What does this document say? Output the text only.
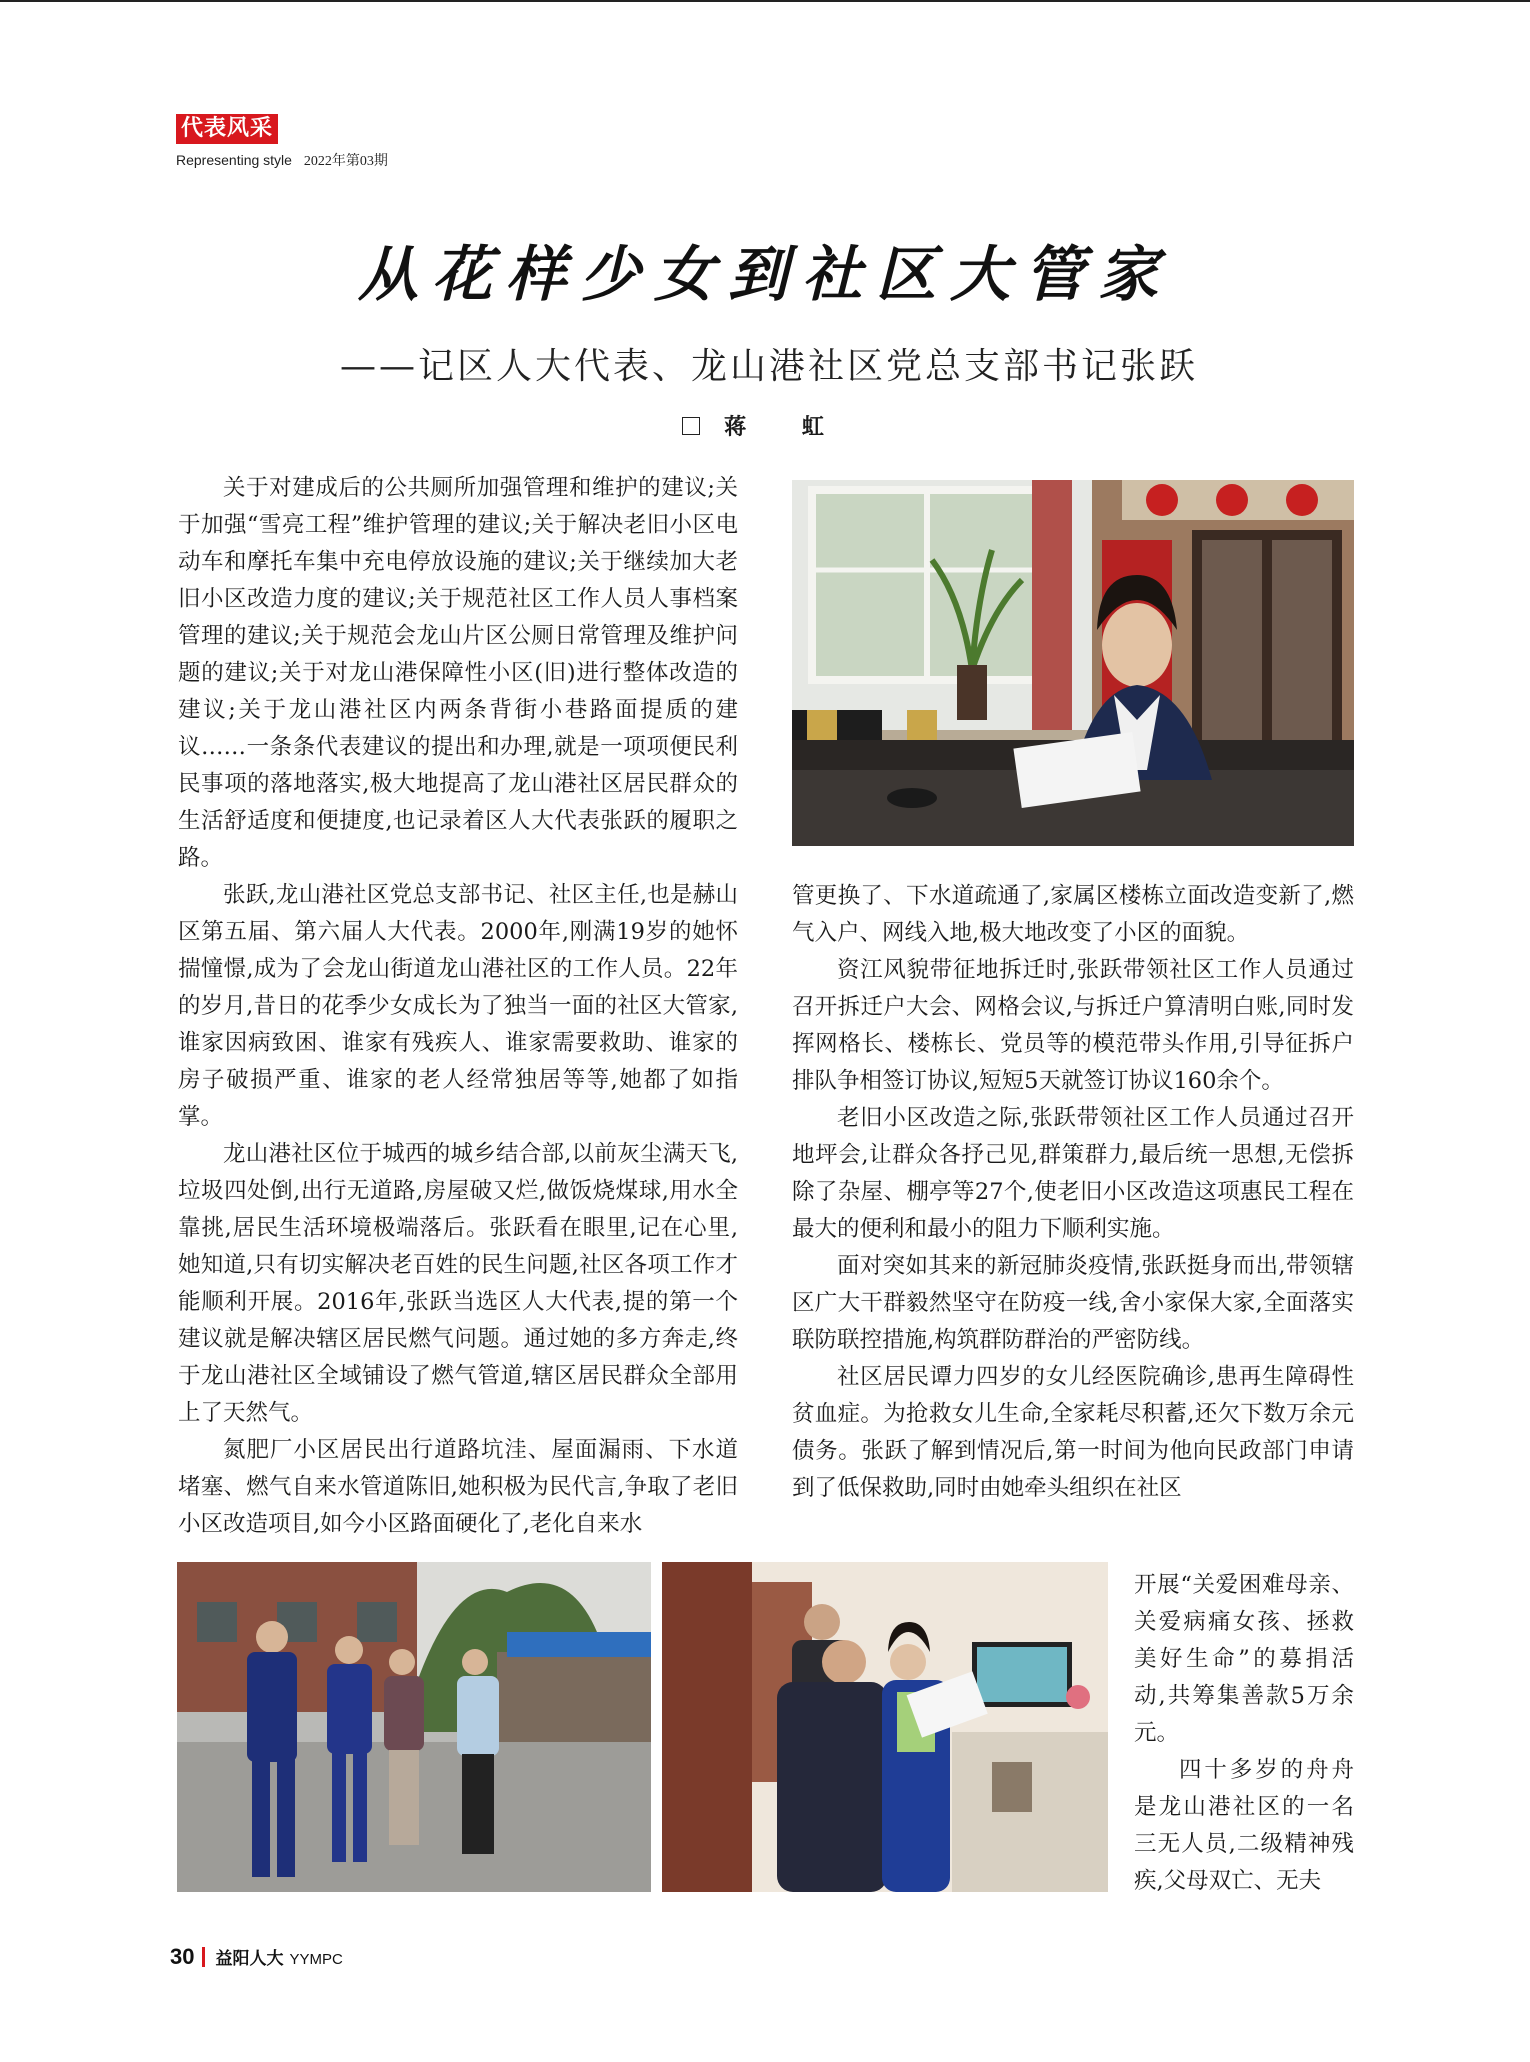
代表风采
Representing style 2022年第03期
从花样少女到社区大管家
——记区人大代表、龙山港社区党总支部书记张跃
蒋 虹

关于对建成后的公共厕所加强管理和维护的建议;关于加强“雪亮工程”维护管理的建议;关于解决老旧小区电动车和摩托车集中充电停放设施的建议;关于继续加大老旧小区改造力度的建议;关于规范社区工作人员人事档案管理的建议;关于规范会龙山片区公厕日常管理及维护问题的建议;关于对龙山港保障性小区(旧)进行整体改造的建议;关于龙山港社区内两条背街小巷路面提质的建议……一条条代表建议的提出和办理,就是一项项便民利民事项的落地落实,极大地提高了龙山港社区居民群众的生活舒适度和便捷度,也记录着区人大代表张跃的履职之路。

张跃,龙山港社区党总支部书记、社区主任,也是赫山区第五届、第六届人大代表。2000年,刚满19岁的她怀揣憧憬,成为了会龙山街道龙山港社区的工作人员。22年的岁月,昔日的花季少女成长为了独当一面的社区大管家,谁家因病致困、谁家有残疾人、谁家需要救助、谁家的房子破损严重、谁家的老人经常独居等等,她都了如指掌。

龙山港社区位于城西的城乡结合部,以前灰尘满天飞,垃圾四处倒,出行无道路,房屋破又烂,做饭烧煤球,用水全靠挑,居民生活环境极端落后。张跃看在眼里,记在心里,她知道,只有切实解决老百姓的民生问题,社区各项工作才能顺利开展。2016年,张跃当选区人大代表,提的第一个建议就是解决辖区居民燃气问题。通过她的多方奔走,终于龙山港社区全域铺设了燃气管道,辖区居民群众全部用上了天然气。

氮肥厂小区居民出行道路坑洼、屋面漏雨、下水道堵塞、燃气自来水管道陈旧,她积极为民代言,争取了老旧小区改造项目,如今小区路面硬化了,老化自来水

管更换了、下水道疏通了,家属区楼栋立面改造变新了,燃气入户、网线入地,极大地改变了小区的面貌。

资江风貌带征地拆迁时,张跃带领社区工作人员通过召开拆迁户大会、网格会议,与拆迁户算清明白账,同时发挥网格长、楼栋长、党员等的模范带头作用,引导征拆户排队争相签订协议,短短5天就签订协议160余个。

老旧小区改造之际,张跃带领社区工作人员通过召开地坪会,让群众各抒己见,群策群力,最后统一思想,无偿拆除了杂屋、棚亭等27个,使老旧小区改造这项惠民工程在最大的便利和最小的阻力下顺利实施。

面对突如其来的新冠肺炎疫情,张跃挺身而出,带领辖区广大干群毅然坚守在防疫一线,舍小家保大家,全面落实联防联控措施,构筑群防群治的严密防线。

社区居民谭力四岁的女儿经医院确诊,患再生障碍性贫血症。为抢救女儿生命,全家耗尽积蓄,还欠下数万余元债务。张跃了解到情况后,第一时间为他向民政部门申请到了低保救助,同时由她牵头组织在社区

开展“关爱困难母亲、关爱病痛女孩、拯救美好生命”的募捐活动,共筹集善款5万余元。

四十多岁的舟舟是龙山港社区的一名三无人员,二级精神残疾,父母双亡、无夫

30 益阳人大 YYMPC
